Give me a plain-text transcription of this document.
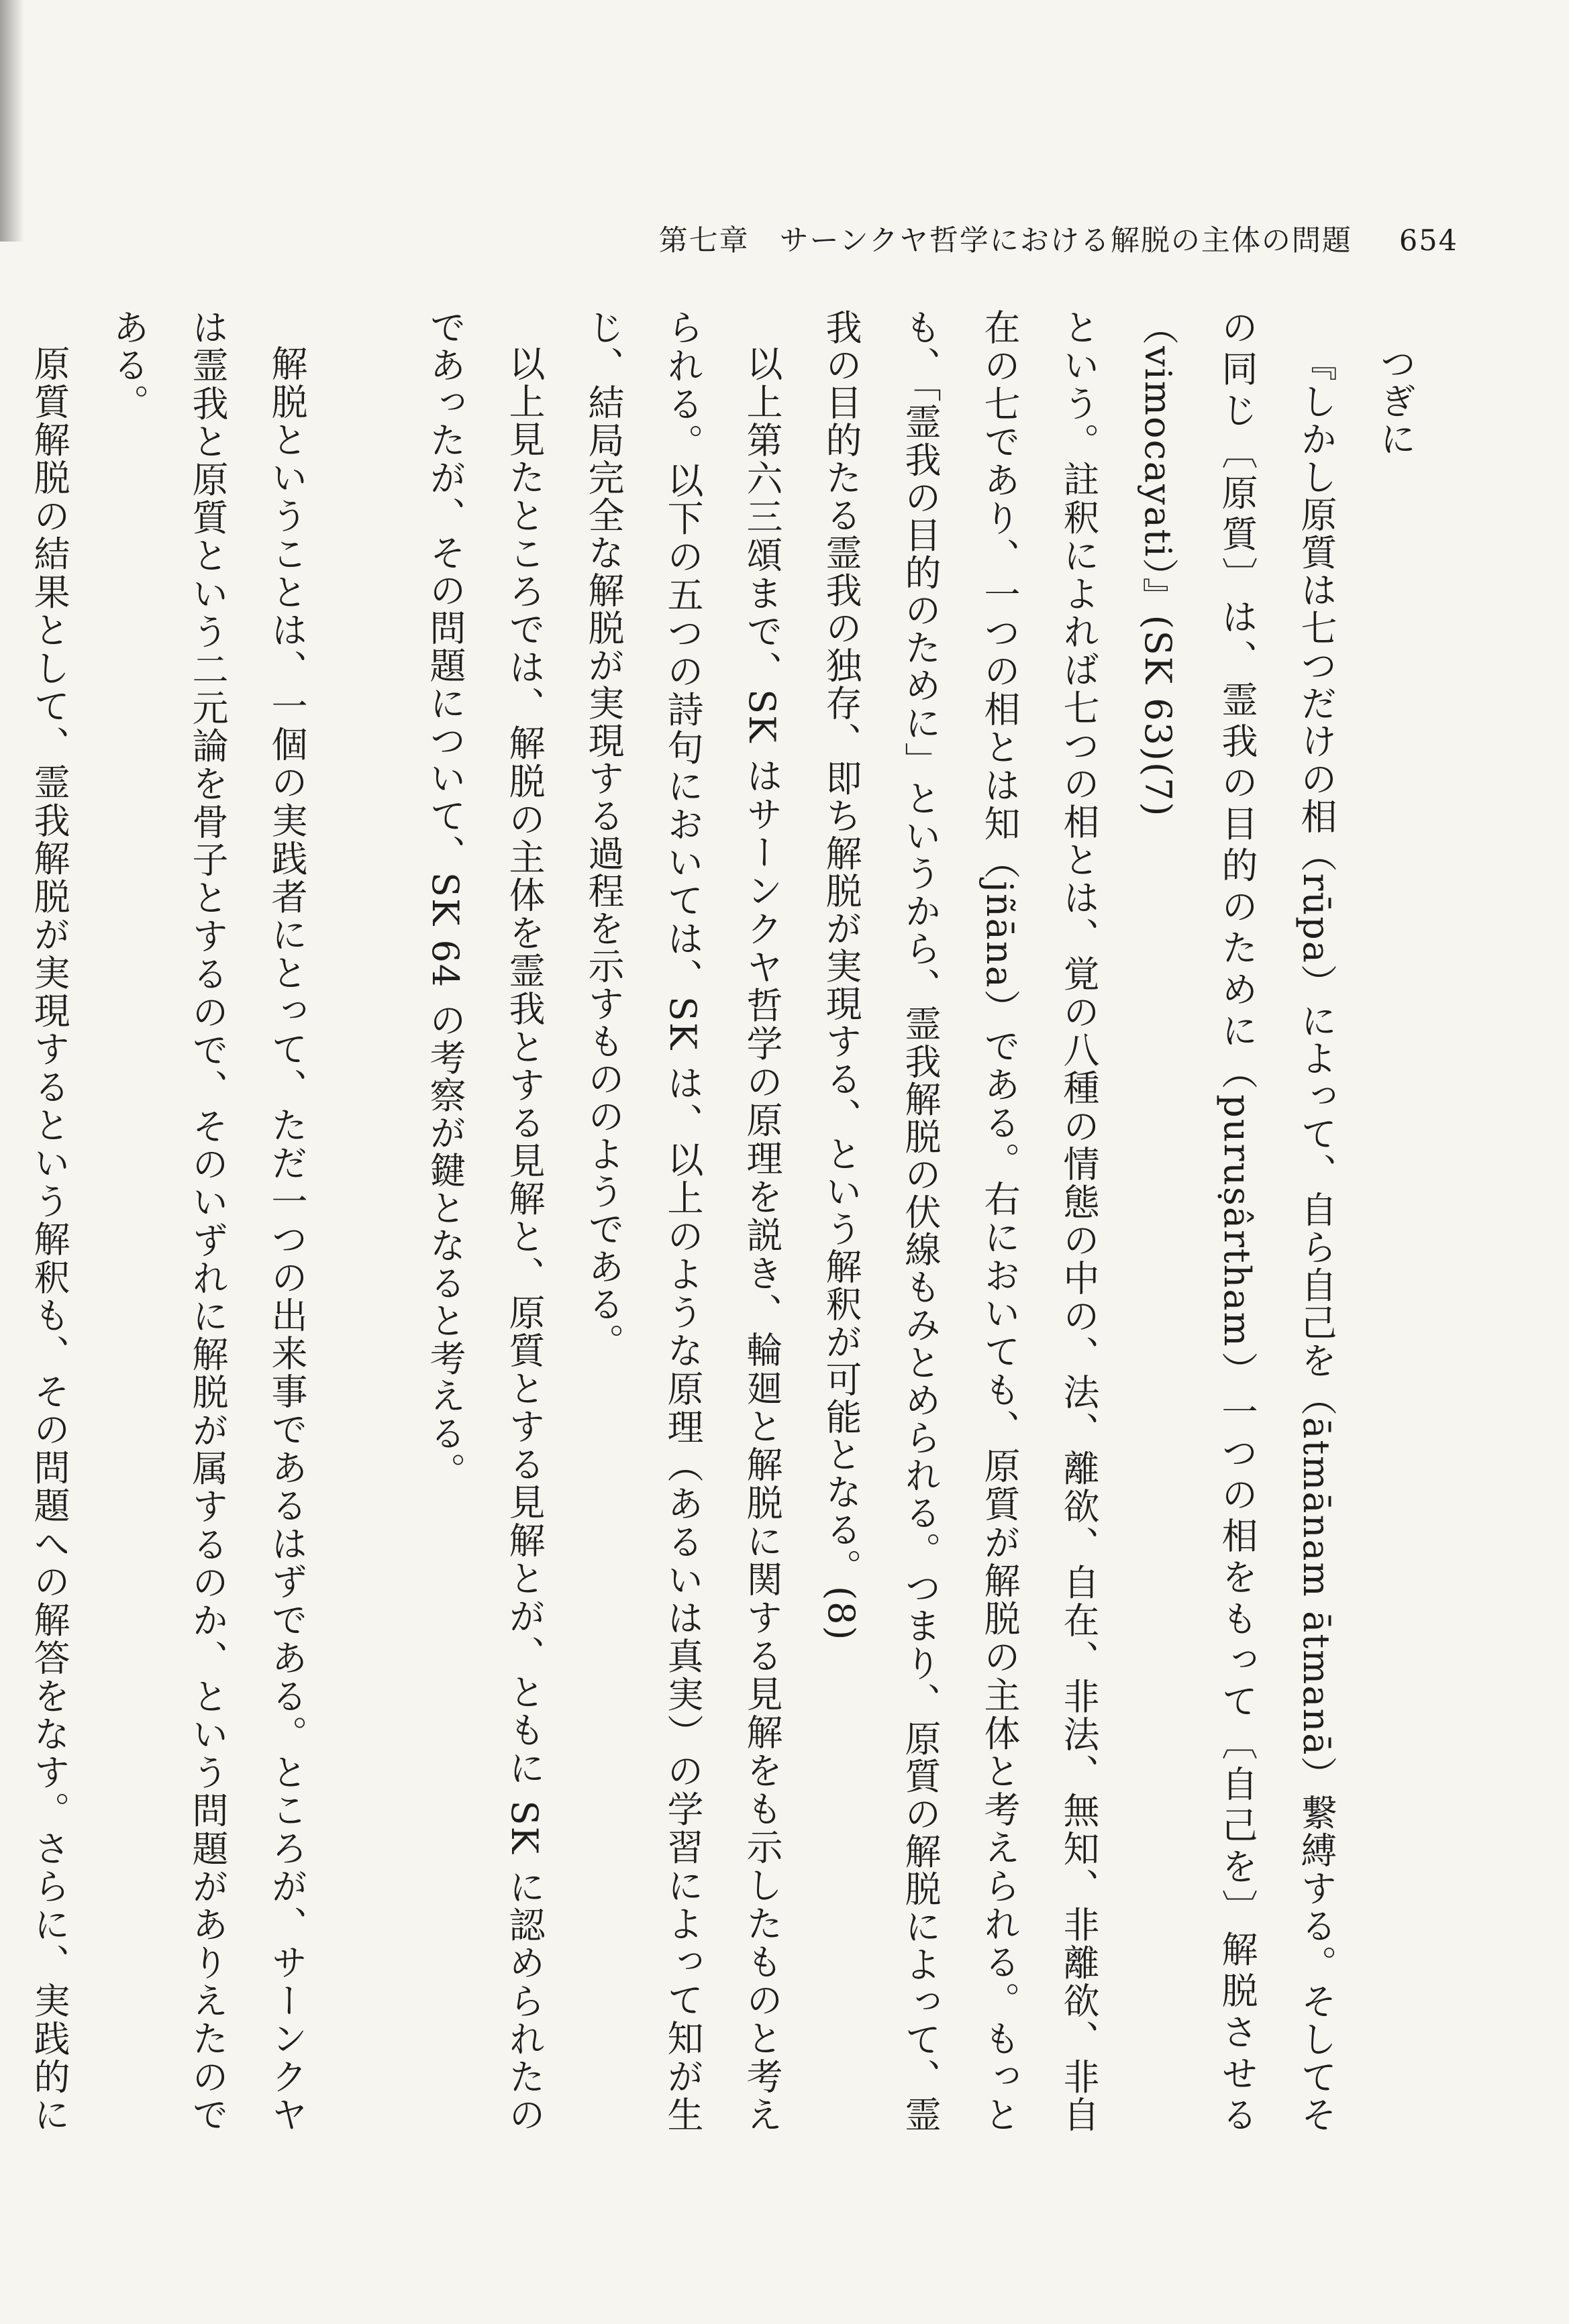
第七章　サーンクヤ哲学における解脱の主体の問題 654

つぎに

『しかし原質は七つだけの相（rūpa）によって、自ら自己を（ātmānam ātmanā）繋縛する。そしてその同じ〔原質〕は、霊我の目的のために（puruṣârtham）一つの相をもって〔自己を〕解脱させる（vimocayati）』(SK 63)(7)

という。註釈によれば七つの相とは、覚の八種の情態の中の、法、離欲、自在、非法、無知、非離欲、非自在の七であり、一つの相とは知（jñāna）である。右においても、原質が解脱の主体と考えられる。もっとも、「霊我の目的のために」というから、霊我解脱の伏線もみとめられる。つまり、原質の解脱によって、霊我の目的たる霊我の独存、即ち解脱が実現する、という解釈が可能となる。(8)

以上第六三頌まで、SK はサーンクヤ哲学の原理を説き、輪廻と解脱に関する見解をも示したものと考えられる。以下の五つの詩句においては、SK は、以上のような原理（あるいは真実）の学習によって知が生じ、結局完全な解脱が実現する過程を示すもののようである。

以上見たところでは、解脱の主体を霊我とする見解と、原質とする見解とが、ともに SK に認められたのであったが、その問題について、SK 64 の考察が鍵となると考える。

解脱ということは、一個の実践者にとって、ただ一つの出来事であるはずである。ところが、サーンクヤは霊我と原質という二元論を骨子とするので、そのいずれに解脱が属するのか、という問題がありえたのである。

原質解脱の結果として、霊我解脱が実現するという解釈も、その問題への解答をなす。さらに、実践的に
